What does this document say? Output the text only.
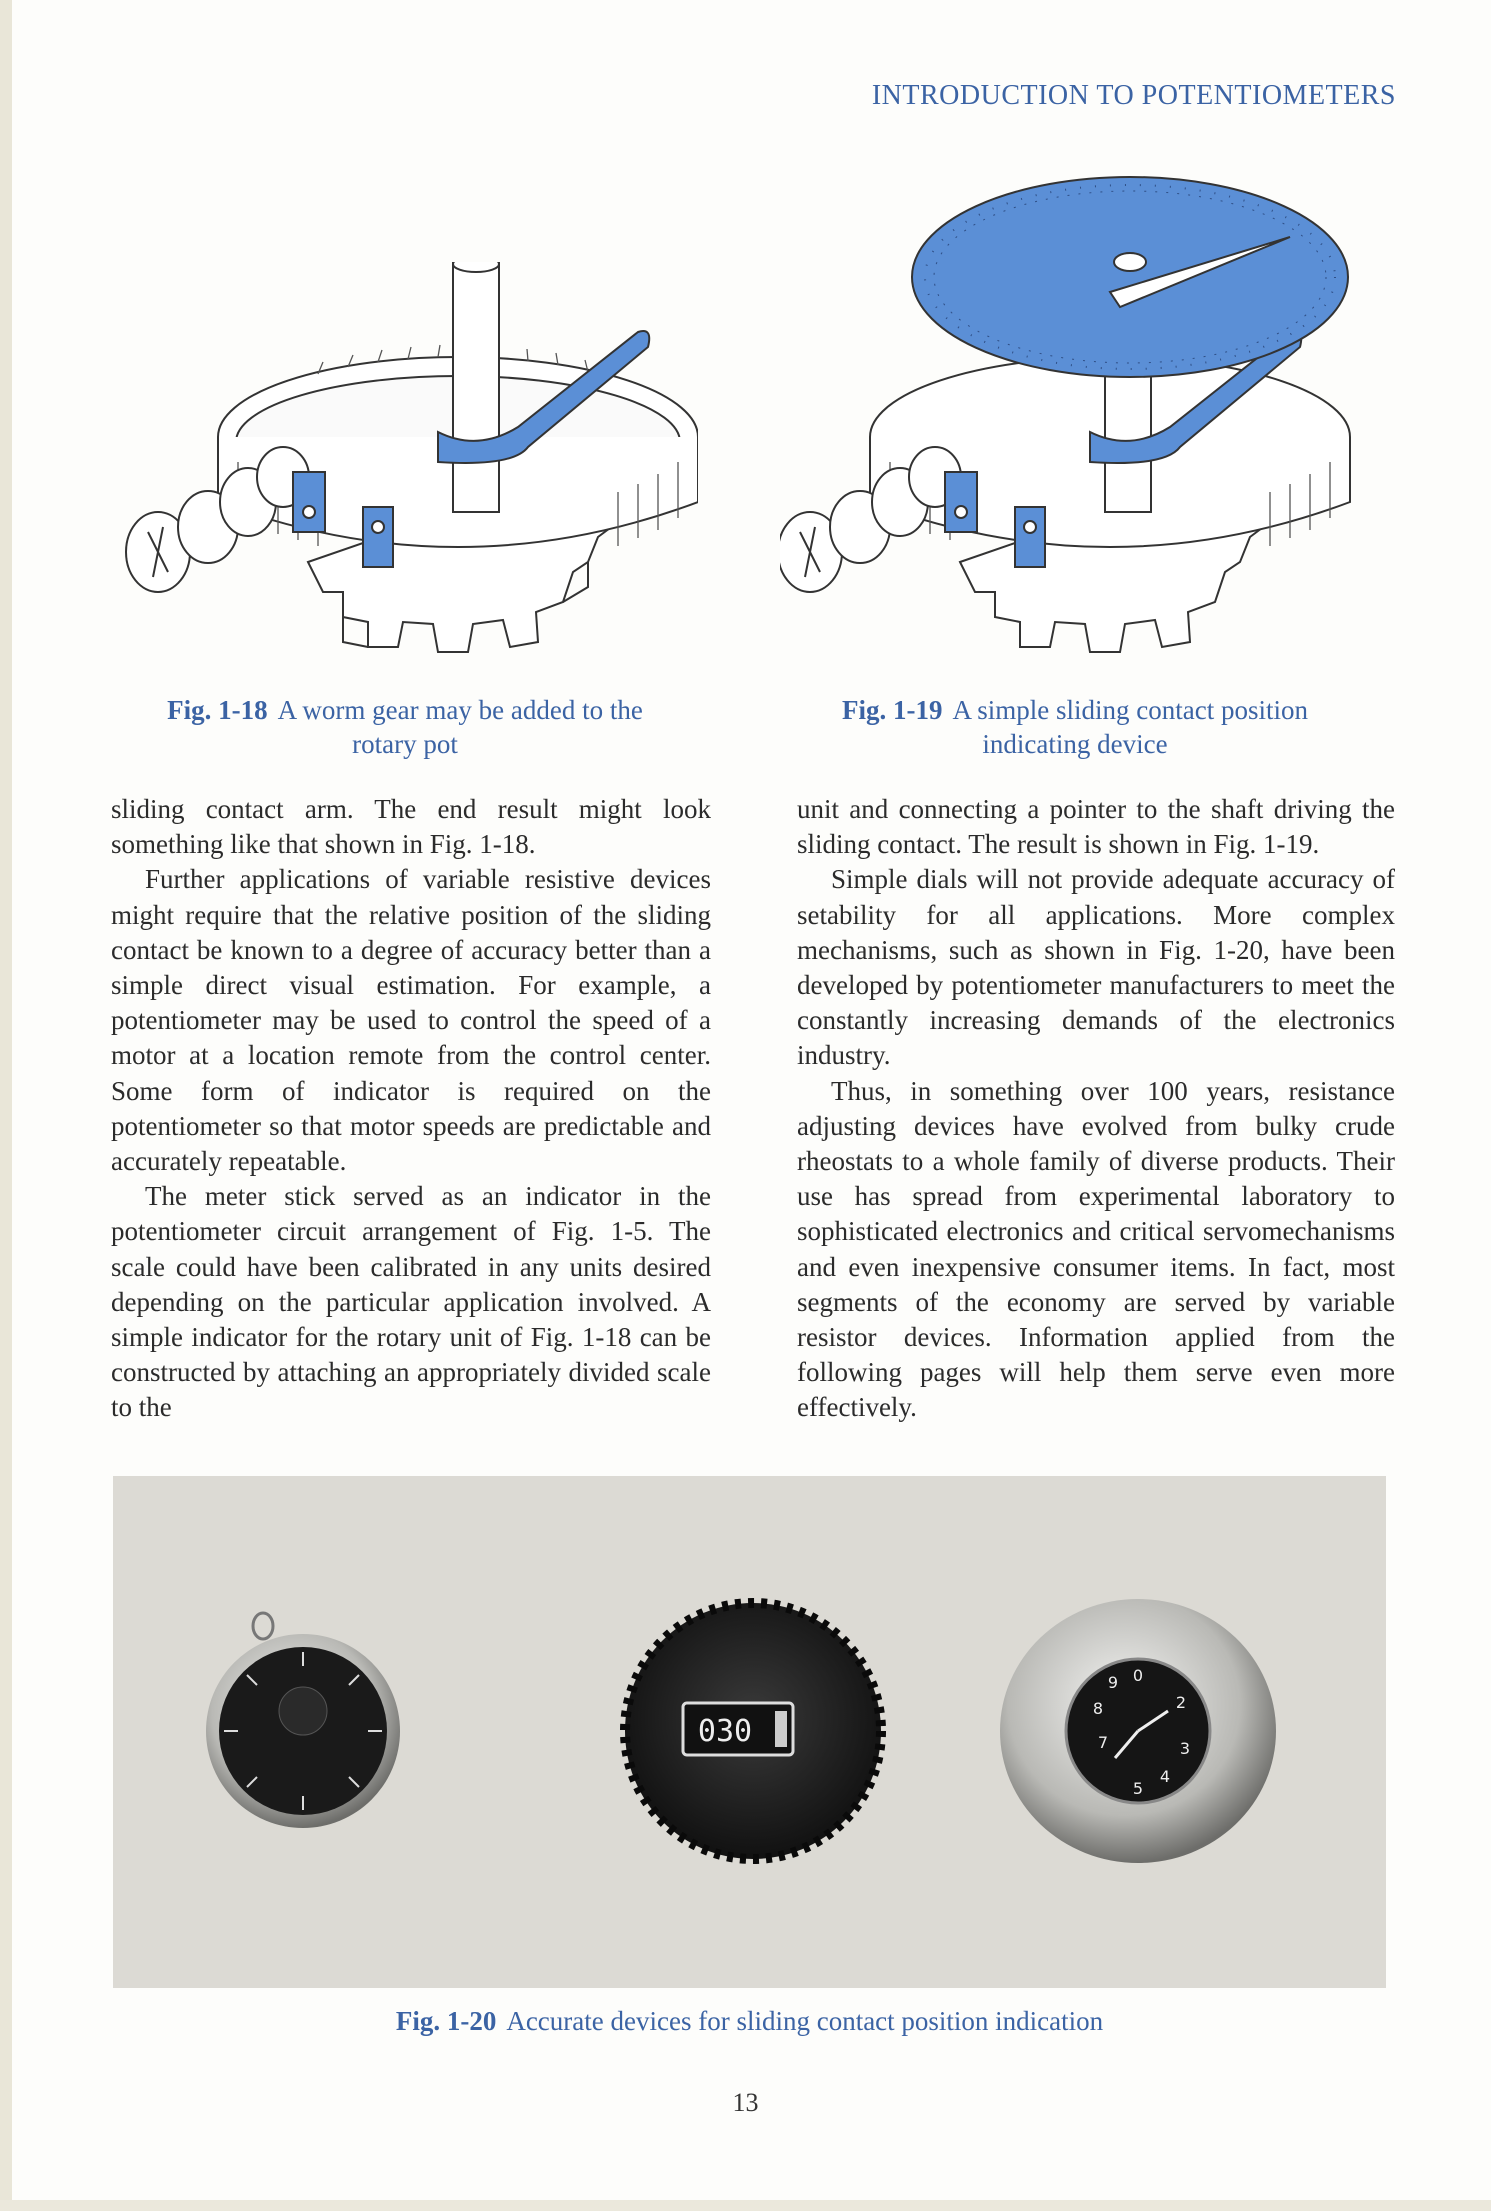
INTRODUCTION TO POTENTIOMETERS
Fig. 1-18 A worm gear may be added to the
rotary pot
Fig. 1-19 A simple sliding contact position
indicating device

sliding contact arm. The end result might look something like that shown in Fig. 1-18.

Further applications of variable resistive devices might require that the relative position of the sliding contact be known to a degree of accuracy better than a simple direct visual estimation. For example, a potentiometer may be used to control the speed of a motor at a location remote from the control center. Some form of indicator is required on the potentiometer so that motor speeds are predictable and accurately repeatable.

The meter stick served as an indicator in the potentiometer circuit arrangement of Fig. 1-5. The scale could have been calibrated in any units desired depending on the particular application involved. A simple indicator for the rotary unit of Fig. 1-18 can be constructed by attaching an appropriately divided scale to the

unit and connecting a pointer to the shaft driving the sliding contact. The result is shown in Fig. 1-19.

Simple dials will not provide adequate accuracy of setability for all applications. More complex mechanisms, such as shown in Fig. 1-20, have been developed by potentiometer manufacturers to meet the constantly increasing demands of the electronics industry.

Thus, in something over 100 years, resistance adjusting devices have evolved from bulky crude rheostats to a whole family of diverse products. Their use has spread from experimental laboratory to sophisticated electronics and critical servomechanisms and even inexpensive consumer items. In fact, most segments of the economy are served by variable resistor devices. Information applied from the following pages will help them serve even more effectively.

030
0
2
3
4
5
7
8
9
Fig. 1-20 Accurate devices for sliding contact position indication
13
